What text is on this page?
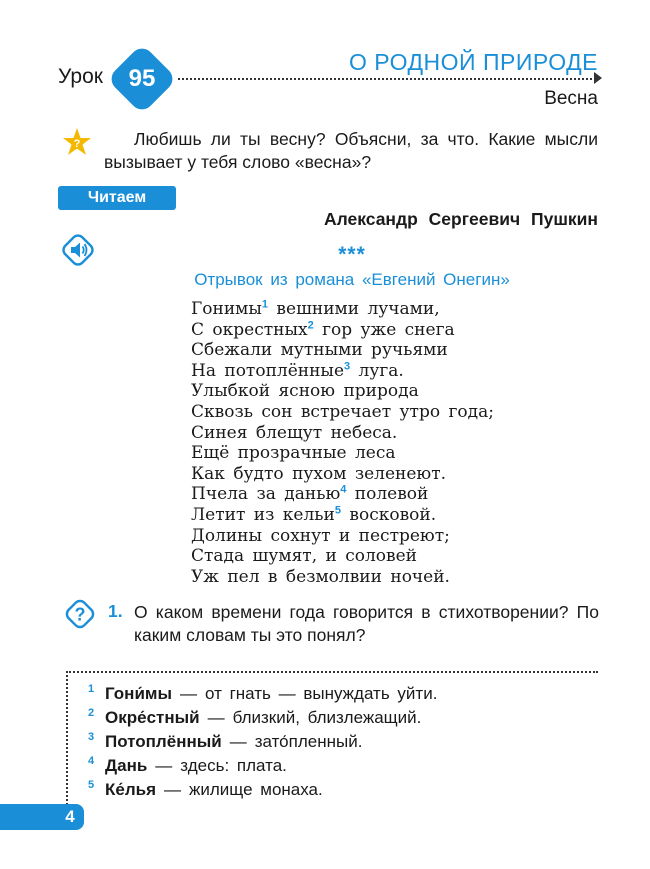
Урок	95
О РОДНОЙ ПРИРОДЕ
Весна
?	Любишь ли ты весну? Объясни, за что. Какие мысли вызывает у тебя слово «весна»?
Читаем
Александр Сергеевич Пушкин
***
Отрывок из романа «Евгений Онегин»
Гонимы$^1$ вешними лучами,
С окрестных$^2$ гор уже снега
Сбежали мутными ручьями
На потоплённые$^3$ луга.
Улыбкой ясною природа
Сквозь сон встречает утро года;
Синея блещут небеса.
Ещё прозрачные леса
Как будто пухом зеленеют.
Пчела за данью$^4$ полевой
Летит из кельи$^5$ восковой.
Долины сохнут и пестреют;
Стада шумят, и соловей
Уж пел в безмолвии ночей.
? 1. О каком времени года говорится в стихотворении? По каким словам ты это понял?
1 Гони́мы — от гнать — вынуждать уйти.
2 Окре́стный — близкий, близлежащий.
3 Потоплённый — зато́пленный.
4 Дань — здесь: плата.
5 Ке́лья — жилище монаха.
4
